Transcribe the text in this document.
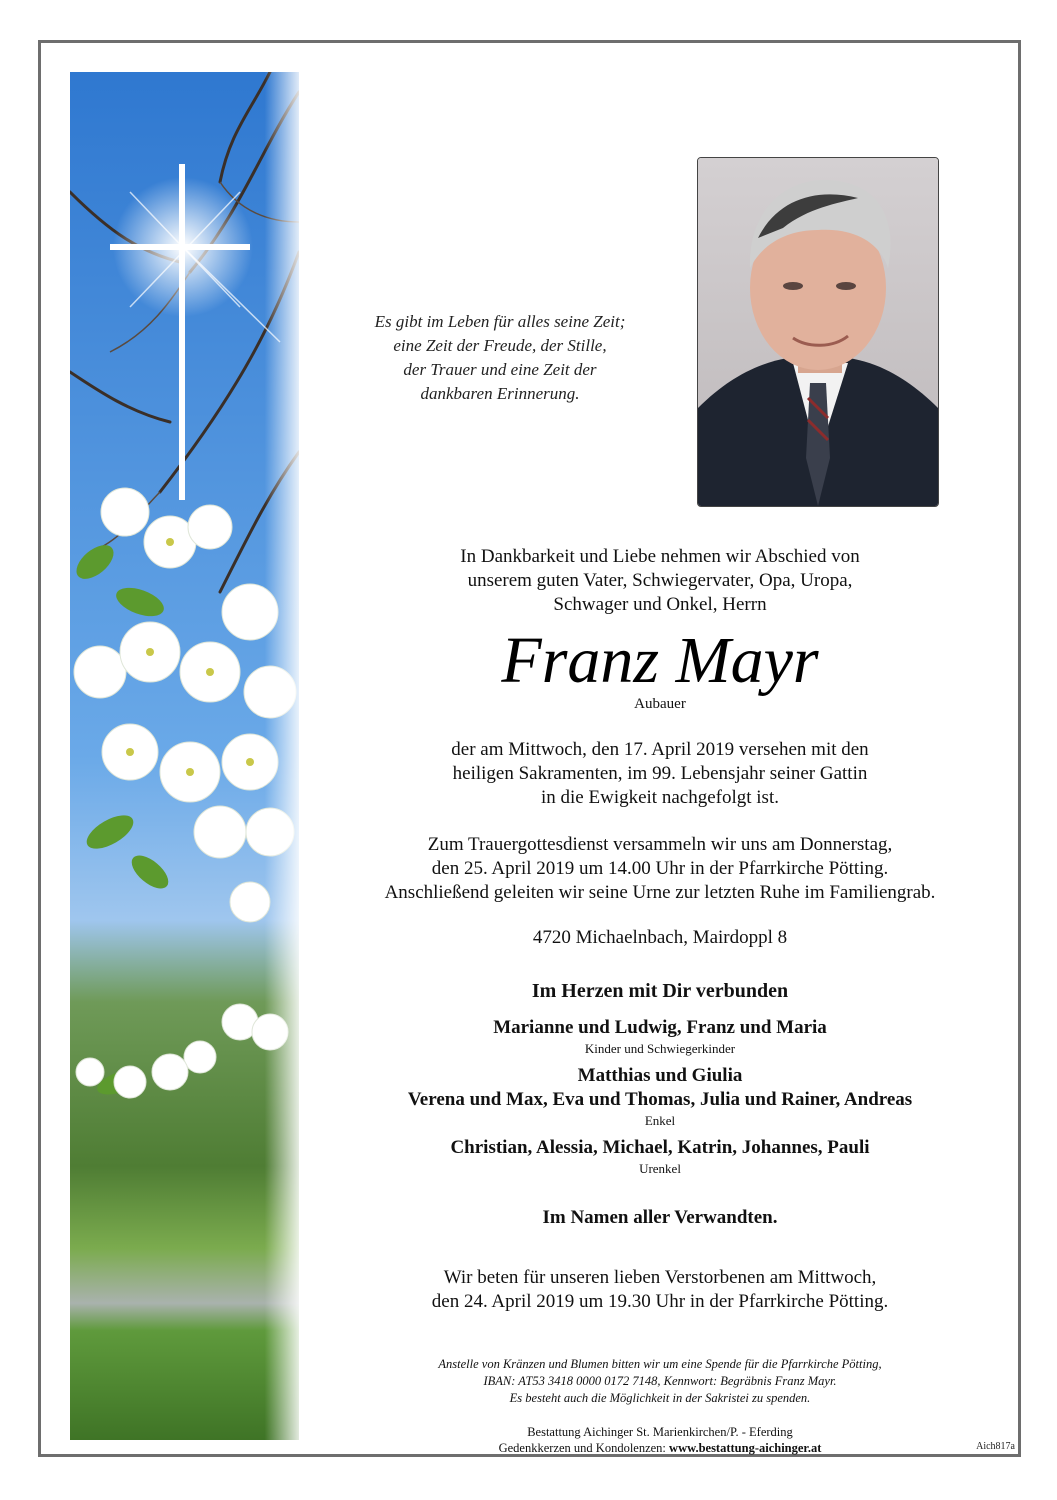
Es gibt im Leben für alles seine Zeit;
eine Zeit der Freude, der Stille,
der Trauer und eine Zeit der
dankbaren Erinnerung.
In Dankbarkeit und Liebe nehmen wir Abschied von
unserem guten Vater, Schwiegervater, Opa, Uropa,
Schwager und Onkel, Herrn
Franz Mayr
Aubauer
der am Mittwoch, den 17. April 2019 versehen mit den
heiligen Sakramenten, im 99. Lebensjahr seiner Gattin
in die Ewigkeit nachgefolgt ist.
Zum Trauergottesdienst versammeln wir uns am Donnerstag,
den 25. April 2019 um 14.00 Uhr in der Pfarrkirche Pötting.
Anschließend geleiten wir seine Urne zur letzten Ruhe im Familiengrab.
4720 Michaelnbach, Mairdoppl 8
Im Herzen mit Dir verbunden
Marianne und Ludwig, Franz und Maria
Kinder und Schwiegerkinder
Matthias und Giulia
Verena und Max, Eva und Thomas, Julia und Rainer, Andreas
Enkel
Christian, Alessia, Michael, Katrin, Johannes, Pauli
Urenkel
Im Namen aller Verwandten.
Wir beten für unseren lieben Verstorbenen am Mittwoch,
den 24. April 2019 um 19.30 Uhr in der Pfarrkirche Pötting.
Anstelle von Kränzen und Blumen bitten wir um eine Spende für die Pfarrkirche Pötting,
IBAN: AT53 3418 0000 0172 7148, Kennwort: Begräbnis Franz Mayr.
Es besteht auch die Möglichkeit in der Sakristei zu spenden.
Bestattung Aichinger St. Marienkirchen/P. - Eferding
Gedenkkerzen und Kondolenzen: www.bestattung-aichinger.at	Aich817a
